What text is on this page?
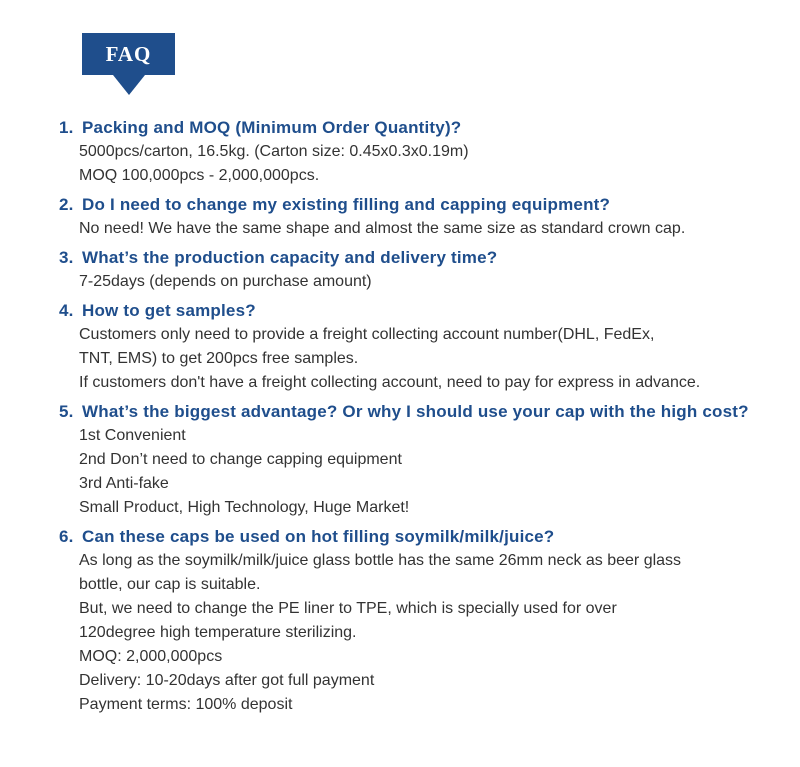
FAQ
1. Packing and MOQ (Minimum Order Quantity)?
5000pcs/carton, 16.5kg. (Carton size: 0.45x0.3x0.19m)
MOQ 100,000pcs - 2,000,000pcs.
2. Do I need to change my existing filling and capping equipment?
No need! We have the same shape and almost the same size as standard crown cap.
3. What’s the production capacity and delivery time?
7-25days (depends on purchase amount)
4. How to get samples?
Customers only need to provide a freight collecting account number(DHL, FedEx,
TNT, EMS) to get 200pcs free samples.
If customers don't have a freight collecting account, need to pay for express in advance.
5. What’s the biggest advantage? Or why I should use your cap with the high cost?
1st Convenient
2nd Don’t need to change capping equipment
3rd Anti-fake
Small Product, High Technology, Huge Market!
6. Can these caps be used on hot filling soymilk/milk/juice?
As long as the soymilk/milk/juice glass bottle has the same 26mm neck as beer glass
bottle, our cap is suitable.
But, we need to change the PE liner to TPE, which is specially used for over
120degree high temperature sterilizing.
MOQ: 2,000,000pcs
Delivery: 10-20days after got full payment
Payment terms: 100% deposit
